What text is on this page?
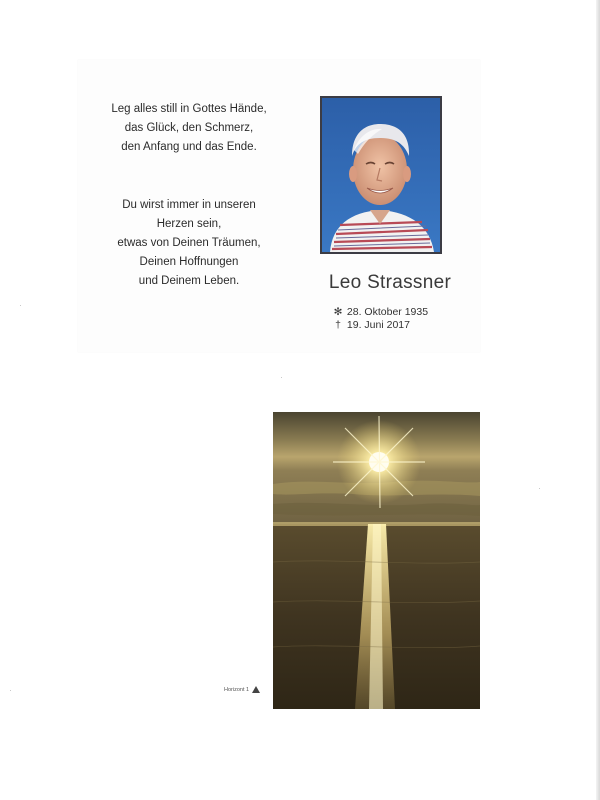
Leg alles still in Gottes Hände,
das Glück, den Schmerz,
den Anfang und das Ende.
Du wirst immer in unseren
Herzen sein,
etwas von Deinen Träumen,
Deinen Hoffnungen
und Deinem Leben.	Leo Strassner
✻ 28. Oktober 1935
† 19. Juni 2017
Horizont 1
